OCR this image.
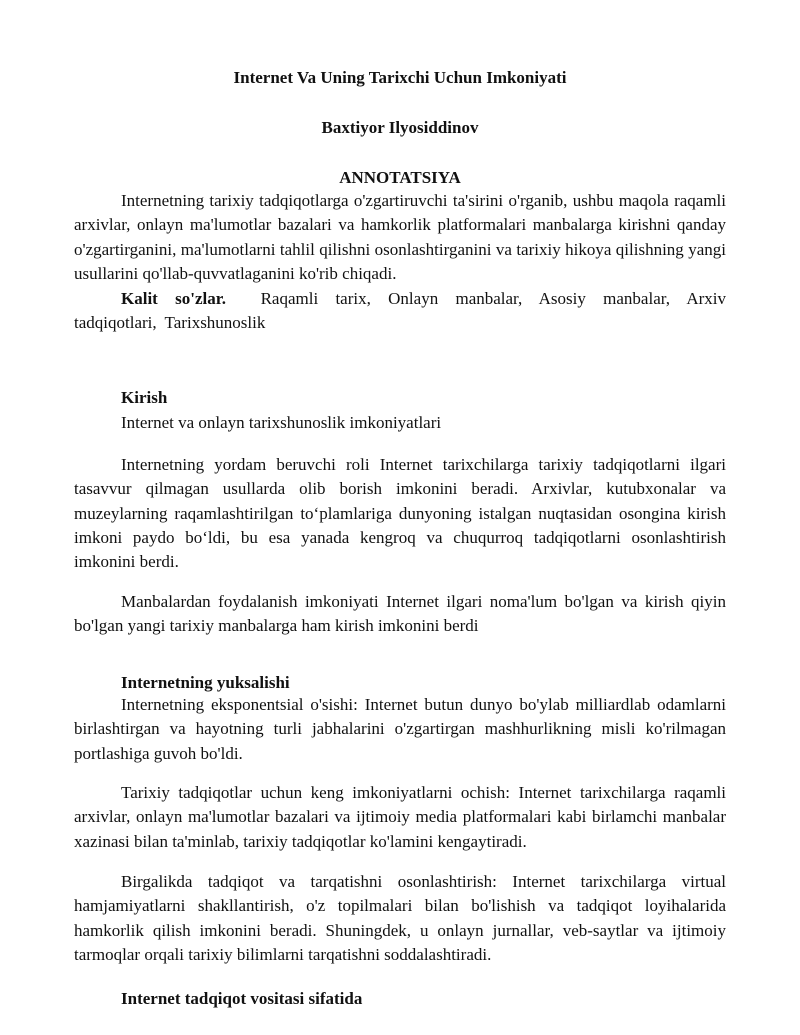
Internet Va Uning Tarixchi Uchun Imkoniyati
Baxtiyor Ilyosiddinov
ANNOTATSIYA

Internetning tarixiy tadqiqotlarga o'zgartiruvchi ta'sirini o'rganib, ushbu maqola raqamli arxivlar, onlayn ma'lumotlar bazalari va hamkorlik platformalari manbalarga kirishni qanday o'zgartirganini, ma'lumotlarni tahlil qilishni osonlashtirganini va tarixiy hikoya qilishning yangi usullarini qo'llab-quvvatlaganini ko'rib chiqadi.

Kalit so'zlar. Raqamli tarix, Onlayn manbalar, Asosiy manbalar, Arxiv tadqiqotlari, Tarixshunoslik

Kirish
Internet va onlayn tarixshunoslik imkoniyatlari

Internetning yordam beruvchi roli Internet tarixchilarga tarixiy tadqiqotlarni ilgari tasavvur qilmagan usullarda olib borish imkonini beradi. Arxivlar, kutubxonalar va muzeylarning raqamlashtirilgan to‘plamlariga dunyoning istalgan nuqtasidan osongina kirish imkoni paydo bo‘ldi, bu esa yanada kengroq va chuqurroq tadqiqotlarni osonlashtirish imkonini berdi.

Manbalardan foydalanish imkoniyati Internet ilgari noma'lum bo'lgan va kirish qiyin bo'lgan yangi tarixiy manbalarga ham kirish imkonini berdi

Internetning yuksalishi

Internetning eksponentsial o'sishi: Internet butun dunyo bo'ylab milliardlab odamlarni birlashtirgan va hayotning turli jabhalarini o'zgartirgan mashhurlikning misli ko'rilmagan portlashiga guvoh bo'ldi.

Tarixiy tadqiqotlar uchun keng imkoniyatlarni ochish: Internet tarixchilarga raqamli arxivlar, onlayn ma'lumotlar bazalari va ijtimoiy media platformalari kabi birlamchi manbalar xazinasi bilan ta'minlab, tarixiy tadqiqotlar ko'lamini kengaytiradi.

Birgalikda tadqiqot va tarqatishni osonlashtirish: Internet tarixchilarga virtual hamjamiyatlarni shakllantirish, o'z topilmalari bilan bo'lishish va tadqiqot loyihalarida hamkorlik qilish imkonini beradi. Shuningdek, u onlayn jurnallar, veb-saytlar va ijtimoiy tarmoqlar orqali tarixiy bilimlarni tarqatishni soddalashtiradi.

Internet tadqiqot vositasi sifatida
